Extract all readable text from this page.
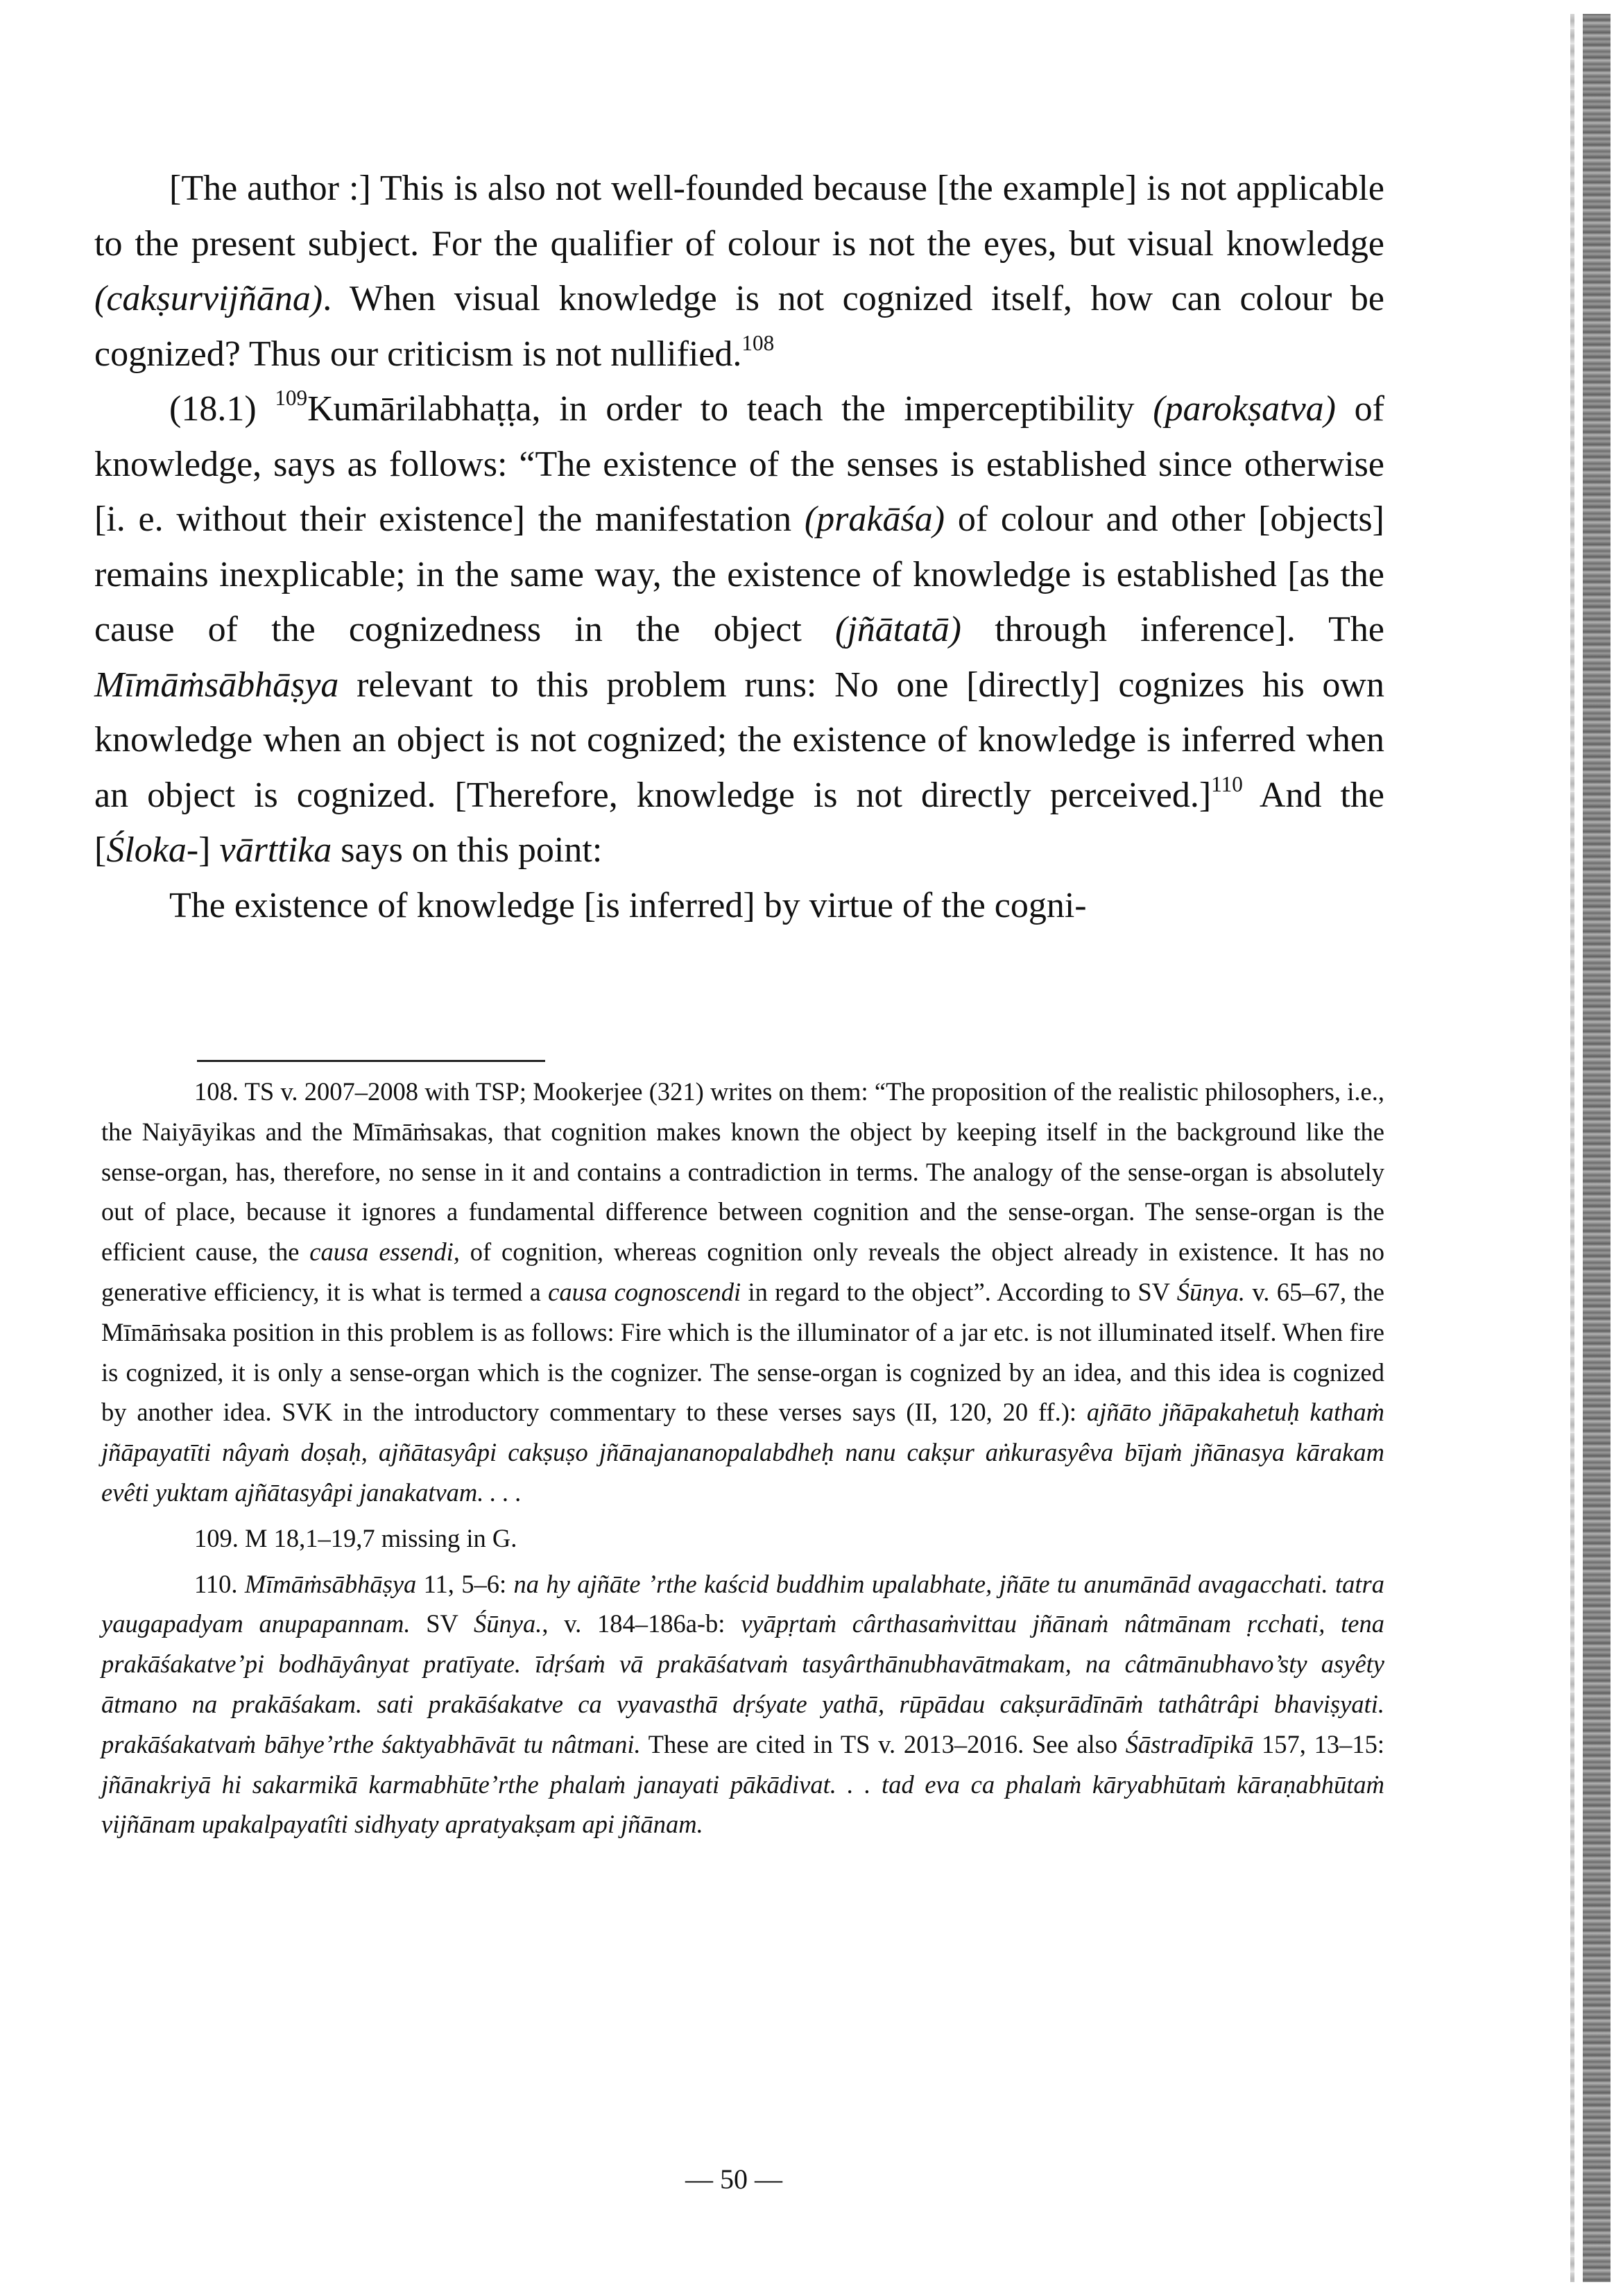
[The author :] This is also not well-founded because [the example] is not applicable to the present subject. For the qualifier of colour is not the eyes, but visual knowledge (cakṣurvijñāna). When visual knowledge is not cognized itself, how can colour be cognized? Thus our criticism is not nullified.$^{108}$

(18.1) $^{109}$Kumārilabhaṭṭa, in order to teach the imperceptibility (parokṣatva) of knowledge, says as follows: “The existence of the senses is established since otherwise [i. e. without their existence] the manifestation (prakāśa) of colour and other [objects] remains inexplicable; in the same way, the existence of knowledge is established [as the cause of the cognizedness in the object (jñātatā) through inference]. The Mīmāṁsābhāṣya relevant to this problem runs: No one [directly] cognizes his own knowledge when an object is not cognized; the existence of knowledge is inferred when an object is cognized. [Therefore, knowledge is not directly perceived.]$^{110}$ And the [Śloka-] vārttika says on this point:

The existence of knowledge [is inferred] by virtue of the cogni-

108. TS v. 2007–2008 with TSP; Mookerjee (321) writes on them: “The proposition of the realistic philosophers, i.e., the Naiyāyikas and the Mīmāṁsakas, that cognition makes known the object by keeping itself in the background like the sense-organ, has, therefore, no sense in it and contains a contradiction in terms. The analogy of the sense-organ is absolutely out of place, because it ignores a fundamental difference between cognition and the sense-organ. The sense-organ is the efficient cause, the causa essendi, of cognition, whereas cognition only reveals the object already in existence. It has no generative efficiency, it is what is termed a causa cognoscendi in regard to the object”. According to SV Śūnya. v. 65–67, the Mīmāṁsaka position in this problem is as follows: Fire which is the illuminator of a jar etc. is not illuminated itself. When fire is cognized, it is only a sense-organ which is the cognizer. The sense-organ is cognized by an idea, and this idea is cognized by another idea. SVK in the introductory commentary to these verses says (II, 120, 20 ff.): ajñāto jñāpakahetuḥ kathaṁ jñāpayatīti nâyaṁ doṣaḥ, ajñātasyâpi cakṣuṣo jñānajananopalabdheḥ nanu cakṣur aṅkurasyêva bījaṁ jñānasya kārakam evêti yuktam ajñātasyâpi janakatvam. . . .

109. M 18,1–19,7 missing in G.

110. Mīmāṁsābhāṣya 11, 5–6: na hy ajñāte ’rthe kaścid buddhim upalabhate, jñāte tu anumānād avagacchati. tatra yaugapadyam anupapannam. SV Śūnya., v. 184–186a-b: vyāpṛtaṁ cârthasaṁvittau jñānaṁ nâtmānam ṛcchati, tena prakāśakatve’pi bodhāyânyat pratīyate. īdṛśaṁ vā prakāśatvaṁ tasyârthānubhavātmakam, na câtmānubhavo’sty asyêty ātmano na prakāśakam. sati prakāśakatve ca vyavasthā dṛśyate yathā, rūpādau cakṣurādīnāṁ tathâtrâpi bhaviṣyati. prakāśakatvaṁ bāhye’rthe śaktyabhāvāt tu nâtmani. These are cited in TS v. 2013–2016. See also Śāstradīpikā 157, 13–15: jñānakriyā hi sakarmikā karmabhūte’rthe phalaṁ janayati pākādivat. . . tad eva ca phalaṁ kāryabhūtaṁ kāraṇabhūtaṁ vijñānam upakalpayatîti sidhyaty apratyakṣam api jñānam.

— 50 —
